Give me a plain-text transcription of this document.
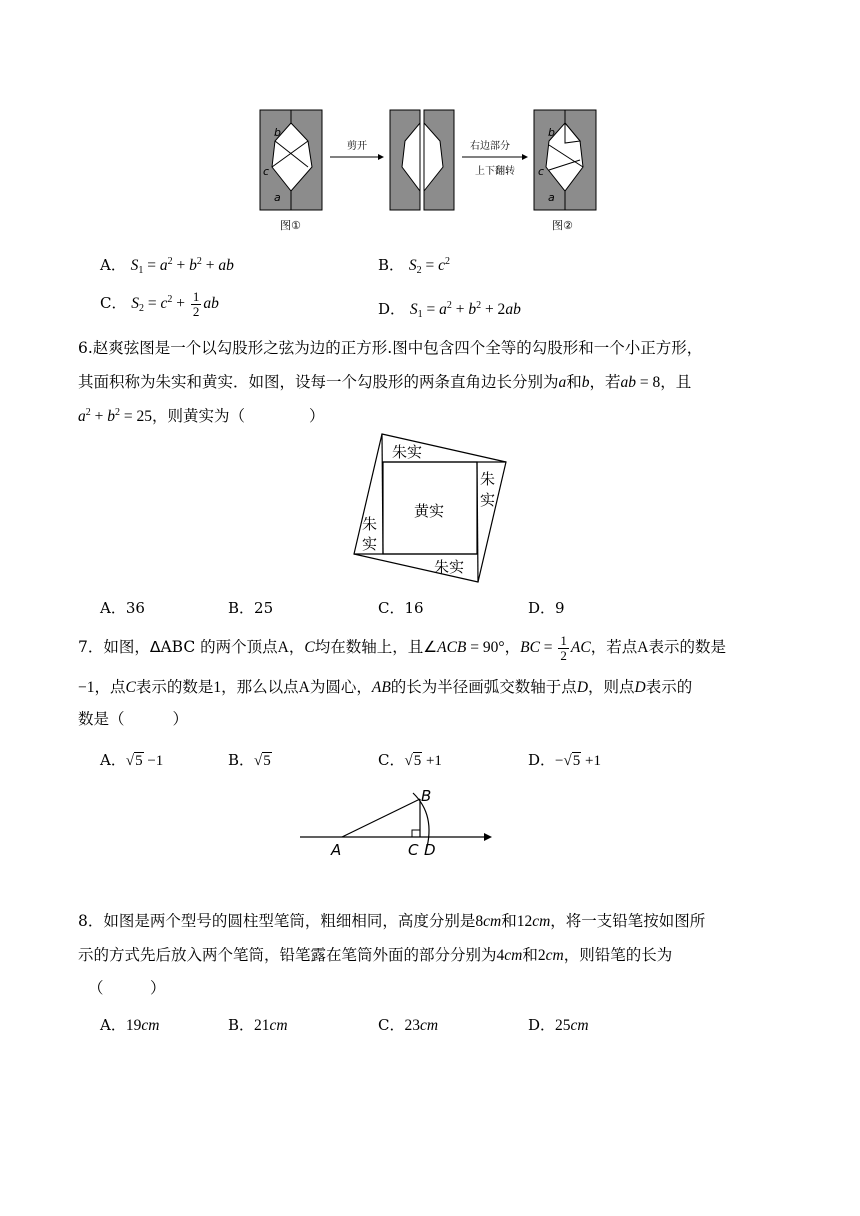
b
c
a
图①
剪开	右边部分
上下翻转
b
c
a
图②
A． $S_1 = a^2 + b^2$ + ab	B． $S_2 = c^2$
C． $S_2 = c^2 + \frac{1}{2}$ ab	D． $S_1 = a^2 + b^2 + 2ab$
6.赵爽弦图是一个以勾股形之弦为边的正方形.图中包含四个全等的勾股形和一个小正方形，
其面积称为朱实和黄实．如图，设每一个勾股形的两条直角边长分别为a和b，若ab = 8，且
$a^2 + b^2 = 25$，则黄实为（	）
朱实
朱
实
朱
实
朱实
黄实
A．36	B．25	C．16	D．9
7．如图，ΔABC 的两个顶点A，C均在数轴上，且∠ACB = 90°，BC = $\frac{1}{2}$ AC，若点A表示的数是
−1，点C表示的数是1，那么以点A为圆心，AB的长为半径画弧交数轴于点D，则点D表示的
数是（	）
A．√5 −1	B．√5	C．√5 +1	D．−√5 +1
A
B
C D
8．如图是两个型号的圆柱型笔筒，粗细相同，高度分别是8cm和12cm，将一支铅笔按如图所
示的方式先后放入两个笔筒，铅笔露在笔筒外面的部分分别为4cm和2cm，则铅笔的长为
（　　　）
A．19cm	B．21cm	C．23cm	D．25cm
